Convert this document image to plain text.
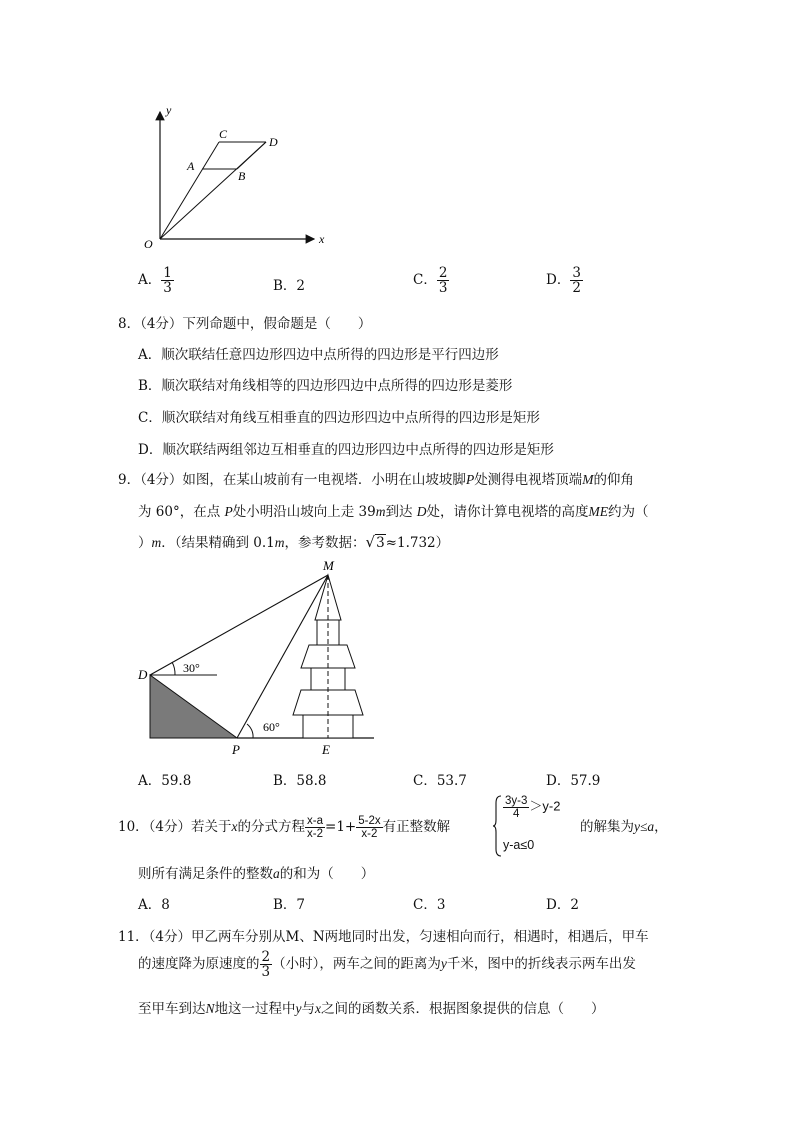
y
x
O
A
B
C
D
A． $\frac{1}{3}$	B．2	C． $\frac{2}{3}$	D． $\frac{3}{2}$
8．（4分）下列命题中，假命题是（　　）
A．顺次联结任意四边形四边中点所得的四边形是平行四边形
B．顺次联结对角线相等的四边形四边中点所得的四边形是菱形
C．顺次联结对角线互相垂直的四边形四边中点所得的四边形是矩形
D．顺次联结两组邻边互相垂直的四边形四边中点所得的四边形是矩形
9．（4分）如图，在某山坡前有一电视塔．小明在山坡坡脚P处测得电视塔顶端M的仰角
为 60°，在点 P处小明沿山坡向上走 39m到达 D处，请你计算电视塔的高度ME约为（
）m．（结果精确到 0.1m，参考数据：√3≈1.732）
M
D
P	E
30°
60°
A．59.8	B．58.8	C．53.7	D．57.9
10．（4分）若关于x的分式方程 $\frac{x-a}{x-2} =1+ \frac{5-2x}{x-2}$ 有正整数解
$\frac{3y-3}{4} >y-2$
y-a≤0
的解集为y≤a，
则所有满足条件的整数a的和为（　　）
A．8	B．7	C．3	D．2
11．（4分）甲乙两车分别从M、N两地同时出发，匀速相向而行，相遇时，相遇后，甲车
的速度降为原速度的 $\frac{2}{3}$ （小时），两车之间的距离为y千米，图中的折线表示两车出发
至甲车到达N地这一过程中y与x之间的函数关系．根据图象提供的信息（　　）
